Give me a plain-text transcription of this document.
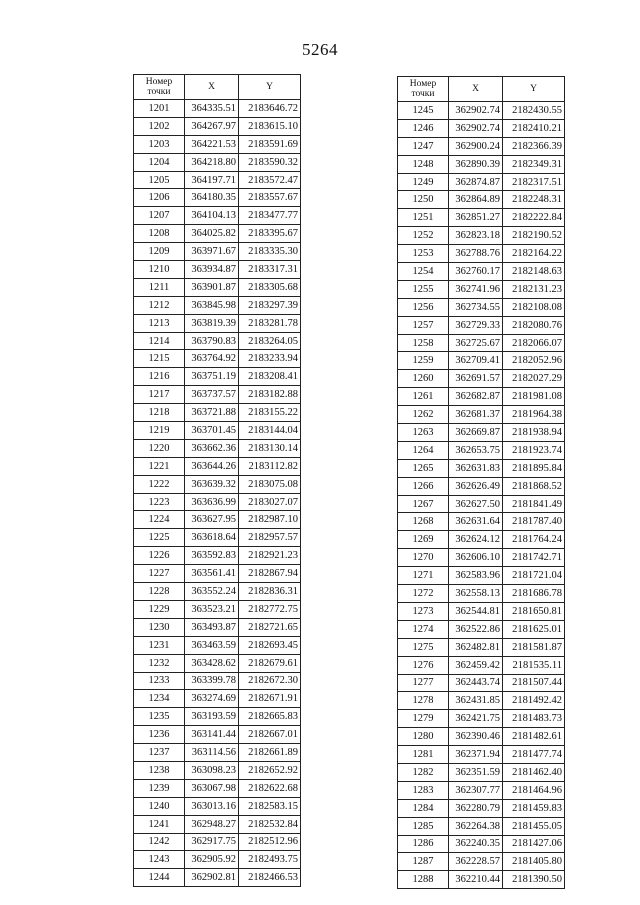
5264
Номер точки	X	Y
1201	364335.51	2183646.72
1202	364267.97	2183615.10
1203	364221.53	2183591.69
1204	364218.80	2183590.32
1205	364197.71	2183572.47
1206	364180.35	2183557.67
1207	364104.13	2183477.77
1208	364025.82	2183395.67
1209	363971.67	2183335.30
1210	363934.87	2183317.31
1211	363901.87	2183305.68
1212	363845.98	2183297.39
1213	363819.39	2183281.78
1214	363790.83	2183264.05
1215	363764.92	2183233.94
1216	363751.19	2183208.41
1217	363737.57	2183182.88
1218	363721.88	2183155.22
1219	363701.45	2183144.04
1220	363662.36	2183130.14
1221	363644.26	2183112.82
1222	363639.32	2183075.08
1223	363636.99	2183027.07
1224	363627.95	2182987.10
1225	363618.64	2182957.57
1226	363592.83	2182921.23
1227	363561.41	2182867.94
1228	363552.24	2182836.31
1229	363523.21	2182772.75
1230	363493.87	2182721.65
1231	363463.59	2182693.45
1232	363428.62	2182679.61
1233	363399.78	2182672.30
1234	363274.69	2182671.91
1235	363193.59	2182665.83
1236	363141.44	2182667.01
1237	363114.56	2182661.89
1238	363098.23	2182652.92
1239	363067.98	2182622.68
1240	363013.16	2182583.15
1241	362948.27	2182532.84
1242	362917.75	2182512.96
1243	362905.92	2182493.75
1244	362902.81	2182466.53
Номер точки	X	Y
1245	362902.74	2182430.55
1246	362902.74	2182410.21
1247	362900.24	2182366.39
1248	362890.39	2182349.31
1249	362874.87	2182317.51
1250	362864.89	2182248.31
1251	362851.27	2182222.84
1252	362823.18	2182190.52
1253	362788.76	2182164.22
1254	362760.17	2182148.63
1255	362741.96	2182131.23
1256	362734.55	2182108.08
1257	362729.33	2182080.76
1258	362725.67	2182066.07
1259	362709.41	2182052.96
1260	362691.57	2182027.29
1261	362682.87	2181981.08
1262	362681.37	2181964.38
1263	362669.87	2181938.94
1264	362653.75	2181923.74
1265	362631.83	2181895.84
1266	362626.49	2181868.52
1267	362627.50	2181841.49
1268	362631.64	2181787.40
1269	362624.12	2181764.24
1270	362606.10	2181742.71
1271	362583.96	2181721.04
1272	362558.13	2181686.78
1273	362544.81	2181650.81
1274	362522.86	2181625.01
1275	362482.81	2181581.87
1276	362459.42	2181535.11
1277	362443.74	2181507.44
1278	362431.85	2181492.42
1279	362421.75	2181483.73
1280	362390.46	2181482.61
1281	362371.94	2181477.74
1282	362351.59	2181462.40
1283	362307.77	2181464.96
1284	362280.79	2181459.83
1285	362264.38	2181455.05
1286	362240.35	2181427.06
1287	362228.57	2181405.80
1288	362210.44	2181390.50
